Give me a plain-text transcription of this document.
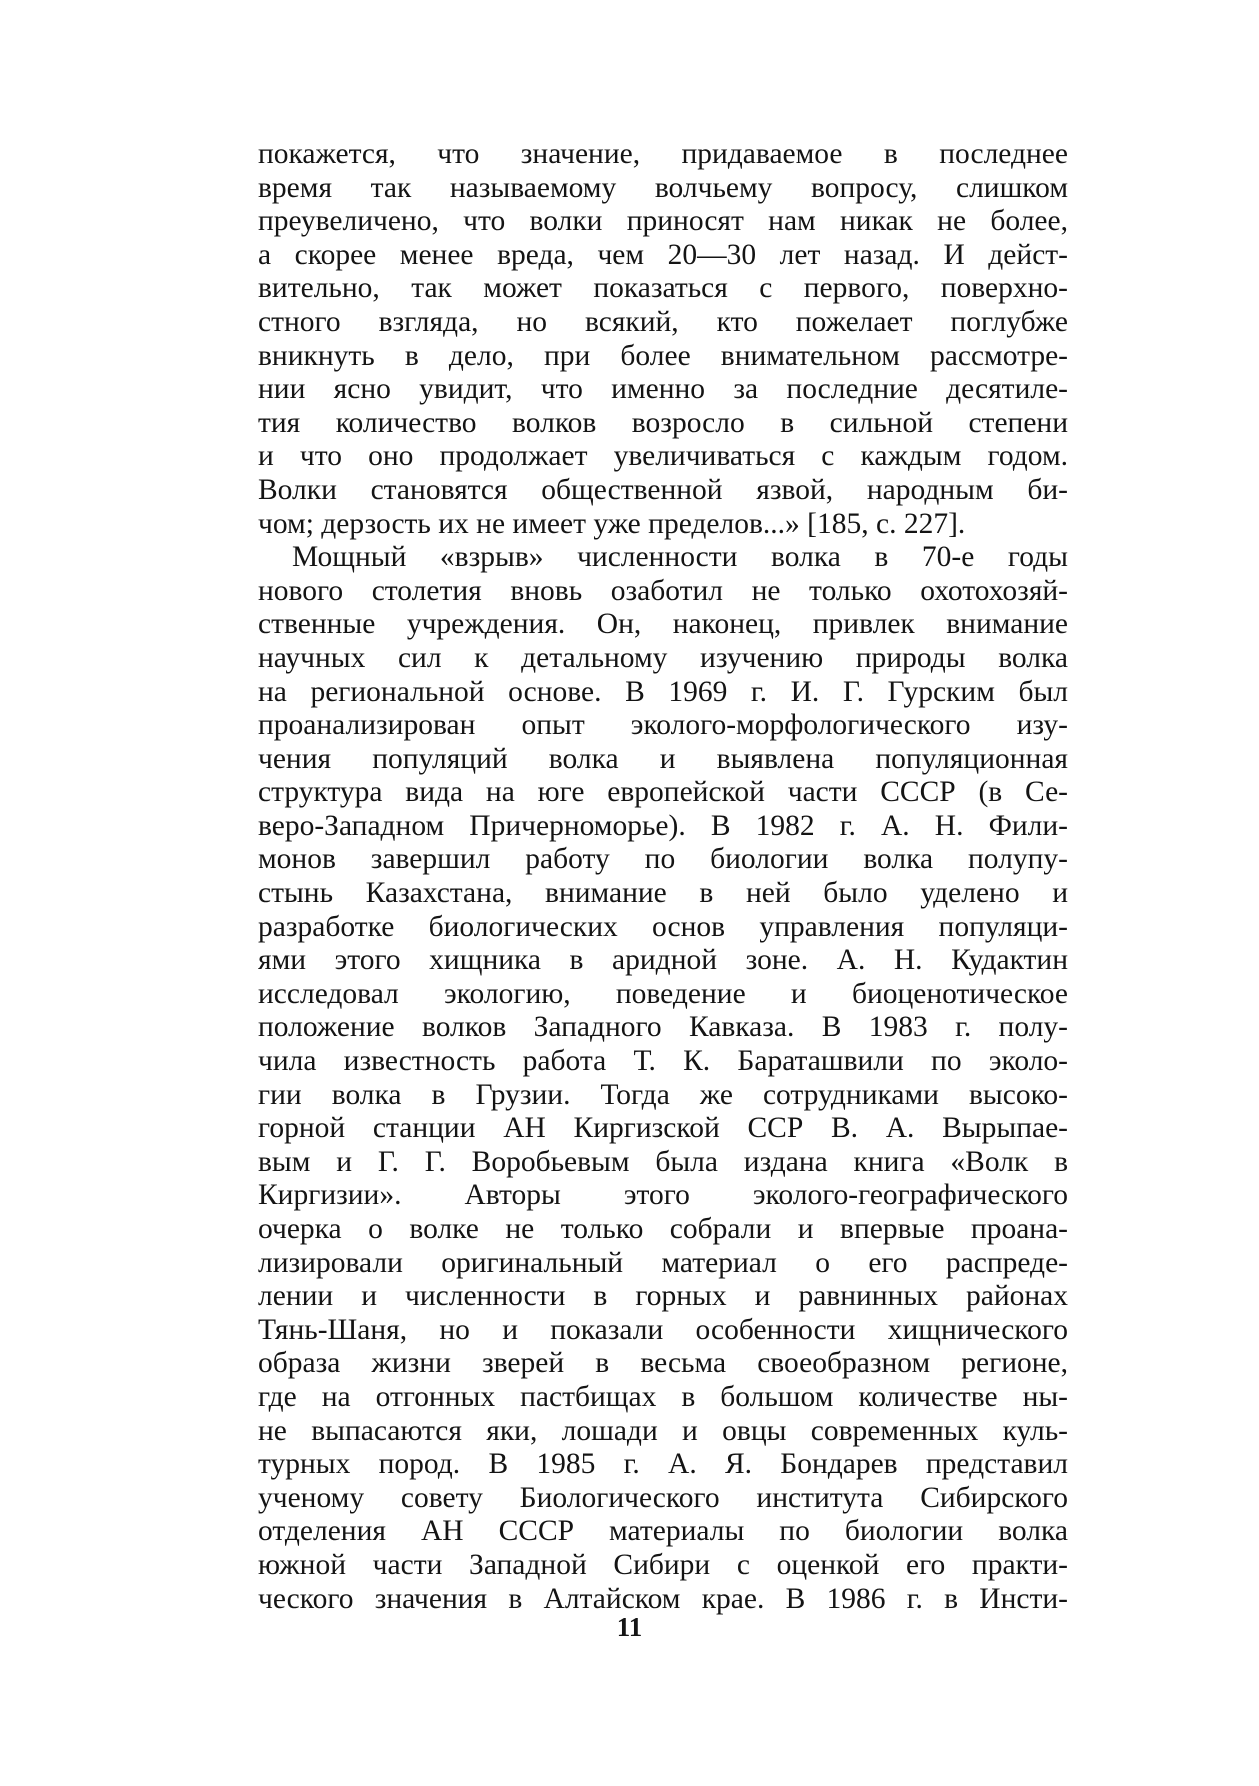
покажется, что значение, придаваемое в последнее
время так называемому волчьему вопросу, слишком
преувеличено, что волки приносят нам никак не более,
а скорее менее вреда, чем 20—30 лет назад. И дейст-
вительно, так может показаться с первого, поверхно-
стного взгляда, но всякий, кто пожелает поглубже
вникнуть в дело, при более внимательном рассмотре-
нии ясно увидит, что именно за последние десятиле-
тия количество волков возросло в сильной степени
и что оно продолжает увеличиваться с каждым годом.
Волки становятся общественной язвой, народным би-
чом; дерзость их не имеет уже пределов...» [185, с. 227].
Мощный «взрыв» численности волка в 70-е годы
нового столетия вновь озаботил не только охотохозяй-
ственные учреждения. Он, наконец, привлек внимание
научных сил к детальному изучению природы волка
на региональной основе. В 1969 г. И. Г. Гурским был
проанализирован опыт эколого-морфологического изу-
чения популяций волка и выявлена популяционная
структура вида на юге европейской части СССР (в Се-
веро-Западном Причерноморье). В 1982 г. А. Н. Фили-
монов завершил работу по биологии волка полупу-
стынь Казахстана, внимание в ней было уделено и
разработке биологических основ управления популяци-
ями этого хищника в аридной зоне. А. Н. Кудактин
исследовал экологию, поведение и биоценотическое
положение волков Западного Кавказа. В 1983 г. полу-
чила известность работа Т. К. Бараташвили по эколо-
гии волка в Грузии. Тогда же сотрудниками высоко-
горной станции АН Киргизской ССР В. А. Вырыпае-
вым и Г. Г. Воробьевым была издана книга «Волк в
Киргизии». Авторы этого эколого-географического
очерка о волке не только собрали и впервые проана-
лизировали оригинальный материал о его распреде-
лении и численности в горных и равнинных районах
Тянь-Шаня, но и показали особенности хищнического
образа жизни зверей в весьма своеобразном регионе,
где на отгонных пастбищах в большом количестве ны-
не выпасаются яки, лошади и овцы современных куль-
турных пород. В 1985 г. А. Я. Бондарев представил
ученому совету Биологического института Сибирского
отделения АН СССР материалы по биологии волка
южной части Западной Сибири с оценкой его практи-
ческого значения в Алтайском крае. В 1986 г. в Инсти-
11
